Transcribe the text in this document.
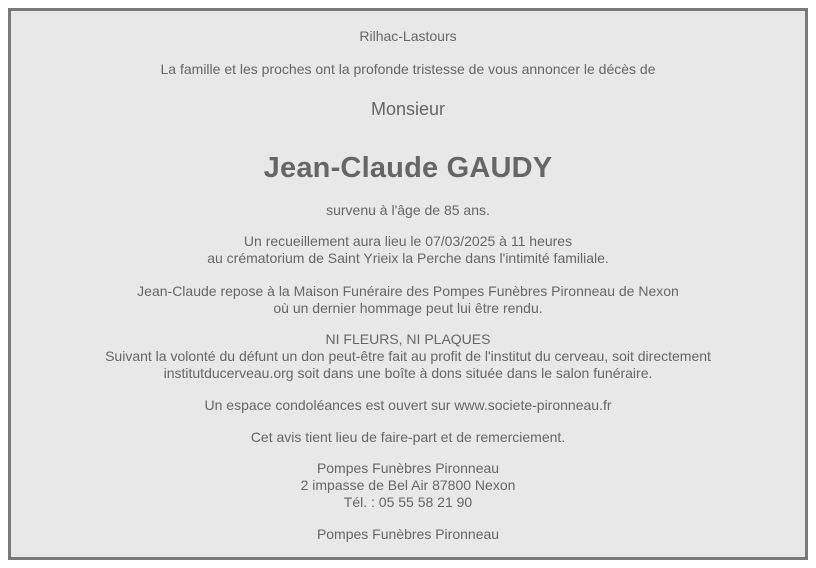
Rilhac-Lastours
La famille et les proches ont la profonde tristesse de vous annoncer le décès de
Monsieur
Jean-Claude GAUDY
survenu à l'âge de 85 ans.
Un recueillement aura lieu le 07/03/2025 à 11 heures
au crématorium de Saint Yrieix la Perche dans l'intimité familiale.
Jean-Claude repose à la Maison Funéraire des Pompes Funèbres Pironneau de Nexon
où un dernier hommage peut lui être rendu.
NI FLEURS, NI PLAQUES
Suivant la volonté du défunt un don peut-être fait au profit de l'institut du cerveau, soit directement
institutducerveau.org soit dans une boîte à dons située dans le salon funéraire.
Un espace condoléances est ouvert sur www.societe-pironneau.fr
Cet avis tient lieu de faire-part et de remerciement.
Pompes Funèbres Pironneau
2 impasse de Bel Air 87800 Nexon
Tél. : 05 55 58 21 90
Pompes Funèbres Pironneau
